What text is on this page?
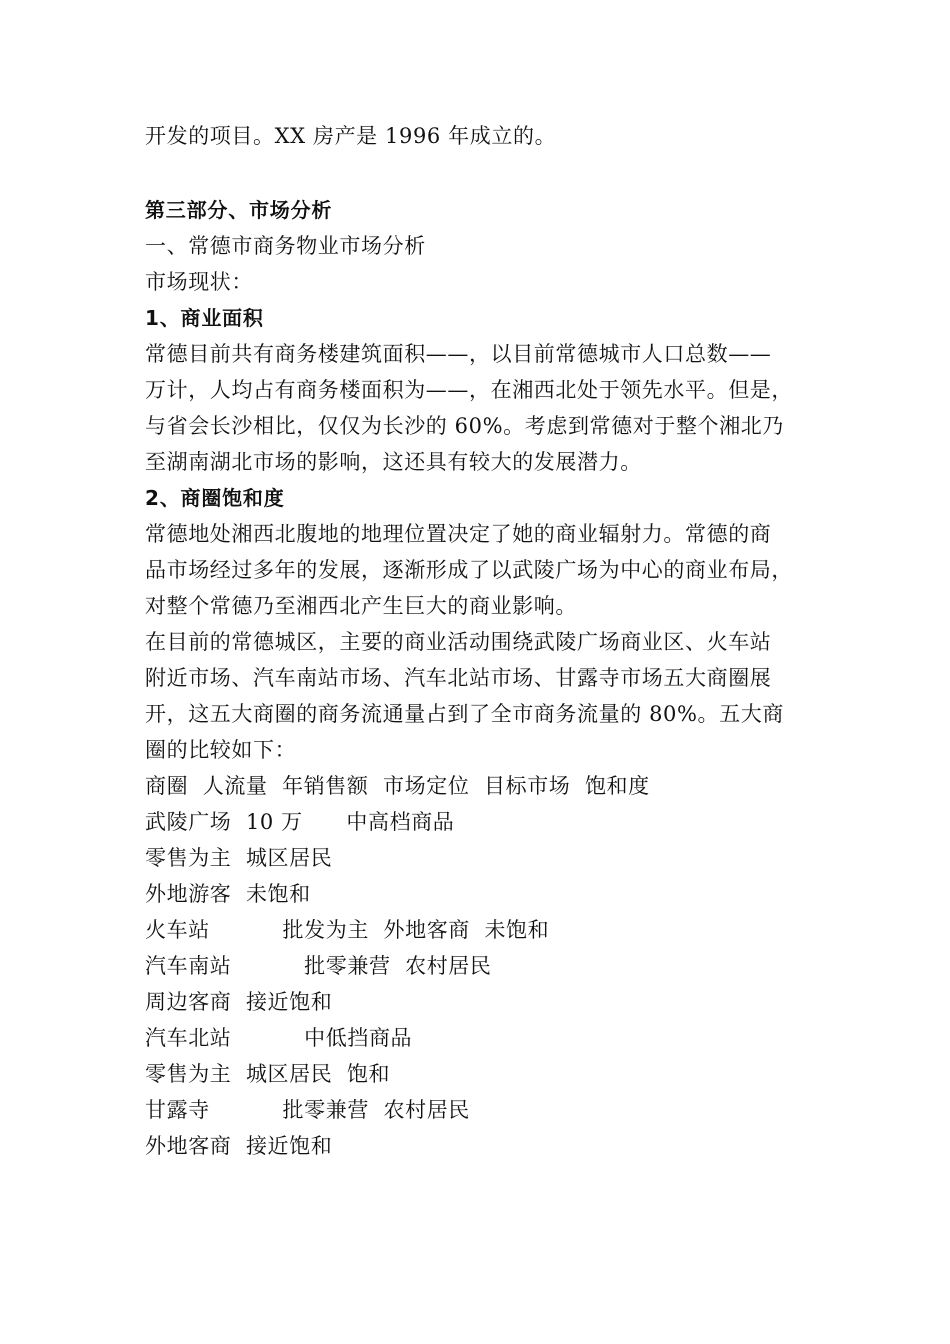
开发的项目。XX 房产是 1996 年成立的。
第三部分、市场分析
一、常德市商务物业市场分析
市场现状：
1、商业面积
常德目前共有商务楼建筑面积——，以目前常德城市人口总数——
万计，人均占有商务楼面积为——，在湘西北处于领先水平。但是，
与省会长沙相比，仅仅为长沙的 60%。考虑到常德对于整个湘北乃
至湖南湖北市场的影响，这还具有较大的发展潜力。
2、商圈饱和度
常德地处湘西北腹地的地理位置决定了她的商业辐射力。常德的商
品市场经过多年的发展，逐渐形成了以武陵广场为中心的商业布局，
对整个常德乃至湘西北产生巨大的商业影响。
在目前的常德城区，主要的商业活动围绕武陵广场商业区、火车站
附近市场、汽车南站市场、汽车北站市场、甘露寺市场五大商圈展
开，这五大商圈的商务流通量占到了全市商务流量的 80%。五大商
圈的比较如下：
商圈  人流量  年销售额  市场定位  目标市场  饱和度
武陵广场  10 万      中高档商品
零售为主  城区居民
外地游客  未饱和
火车站          批发为主  外地客商  未饱和
汽车南站          批零兼营  农村居民
周边客商  接近饱和
汽车北站          中低挡商品
零售为主  城区居民  饱和
甘露寺          批零兼营  农村居民
外地客商  接近饱和
